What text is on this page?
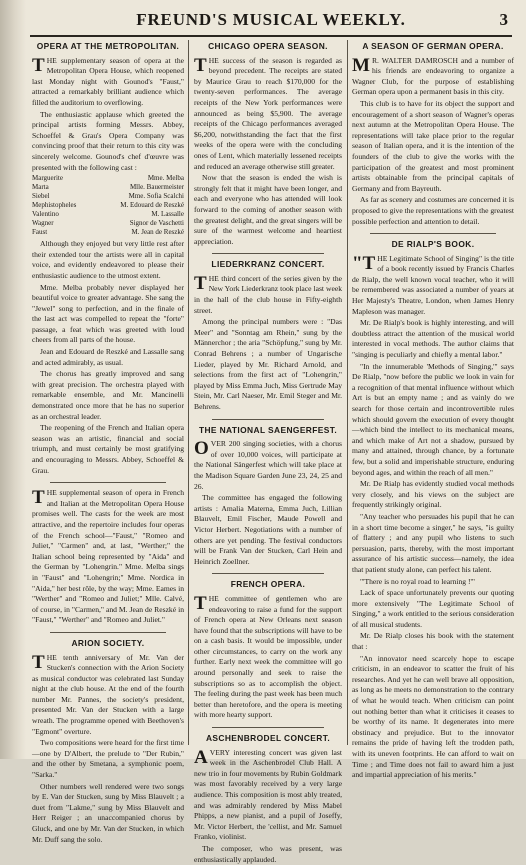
FREUND'S MUSICAL WEEKLY.	3
OPERA AT THE METROPOLITAN.

THE supplementary season of opera at the Metropolitan Opera House, which reopened last Monday night with Gounod's "Faust," attracted a remarkably brilliant audience which filled the auditorium to overflowing.

The enthusiastic applause which greeted the principal artists forming Messrs. Abbey, Schoeffel & Grau's Opera Company was convincing proof that their return to this city was sincerely welcome. Gounod's chef d'œuvre was presented with the following cast :

Marguerite	Mme. Melba
Marta	Mlle. Bauermeister
Siebel	Mme. Sofia Scalchi
Mephistopheles	M. Edouard de Reszké
Valentino	M. Lassalle
Wagner	Signor de Vaschetti
Faust	M. Jean de Reszké

Although they enjoyed but very little rest after their extended tour the artists were all in capital voice, and evidently endeavored to please their enthusiastic audience to the utmost extent.

Mme. Melba probably never displayed her beautiful voice to greater advantage. She sang the "Jewel" song to perfection, and in the finale of the last act was compelled to repeat the "forte" passage, a feat which was greeted with loud cheers from all parts of the house.

Jean and Edouard de Reszké and Lassalle sang and acted admirably, as usual.

The chorus has greatly improved and sang with great precision. The orchestra played with remarkable ensemble, and Mr. Mancinelli demonstrated once more that he has no superior as an orchestral leader.

The reopening of the French and Italian opera season was an artistic, financial and social triumph, and must certainly be most gratifying and encouraging to Messrs. Abbey, Schoeffel & Grau.

THE supplemental season of opera in French and Italian at the Metropolitan Opera House promises well. The casts for the week are most attractive, and the repertoire includes four operas of the French school—"Faust," "Romeo and Juliet," "Carmen" and, at last, "Werther;" the Italian school being represented by "Aida" and the German by "Lohengrin." Mme. Melba sings in "Faust" and "Lohengrin;" Mme. Nordica in "Aida," her best rôle, by the way; Mme. Eames in "Werther" and "Romeo and Juliet;" Mlle. Calvé, of course, in "Carmen," and M. Jean de Reszké in "Faust," "Werther" and "Romeo and Juliet."

ARION SOCIETY.

THE tenth anniversary of Mr. Van der Stucken's connection with the Arion Society as musical conductor was celebrated last Sunday night at the club house. At the end of the fourth number Mr. Pannes, the society's president, presented Mr. Van der Stucken with a large wreath. The programme opened with Beethoven's "Egmont" overture.

Two compositions were heard for the first time—one by D'Albert, the prelude to "Der Rubin," and the other by Smetana, a symphonic poem, "Sarka."

Other numbers well rendered were two songs by E. Van der Stucken, sung by Miss Blauvelt ; a duet from "Lakme," sung by Miss Blauvelt and Herr Reiger ; an unaccompanied chorus by Gluck, and one by Mr. Van der Stucken, in which Mr. Duff sang the solo.

CHICAGO OPERA SEASON.

THE success of the season is regarded as beyond precedent. The receipts are stated by Maurice Grau to reach $170,000 for the twenty-seven performances. The average receipts of the New York performances were announced as being $5,900. The average receipts of the Chicago performances averaged $6,200, notwithstanding the fact that the first weeks of the opera were with the concluding ones of Lent, which materially lessened receipts and reduced an average otherwise still greater.

Now that the season is ended the wish is strongly felt that it might have been longer, and each and everyone who has attended will look forward to the coming of another season with the greatest delight, and the great singers will be sure of the warmest welcome and heartiest appreciation.

LIEDERKRANZ CONCERT.

THE third concert of the series given by the New York Liederkranz took place last week in the hall of the club house in Fifty-eighth street.

Among the principal numbers were : "Das Meer" and "Sonntag am Rhein," sung by the Männerchor ; the aria "Schöpfung," sung by Mr. Conrad Behrens ; a number of Ungarische Lieder, played by Mr. Richard Arnold, and selections from the first act of "Lohengrin," played by Miss Emma Juch, Miss Gertrude May Stein, Mr. Carl Naeser, Mr. Emil Steger and Mr. Behrens.

THE NATIONAL SAENGERFEST.

OVER 200 singing societies, with a chorus of over 10,000 voices, will participate at the National Sängerfest which will take place at the Madison Square Garden June 23, 24, 25 and 26.

The committee has engaged the following artists : Amalia Materna, Emma Juch, Lillian Blauvelt, Emil Fischer, Maude Powell and Victor Herbert. Negotiations with a number of others are yet pending. The festival conductors will be Frank Van der Stucken, Carl Hein and Heinrich Zoellner.

FRENCH OPERA.

THE committee of gentlemen who are endeavoring to raise a fund for the support of French opera at New Orleans next season have found that the subscriptions will have to be on a cash basis. It would be impossible, under other circumstances, to carry on the work any further. Early next week the committee will go around personally and seek to raise the subscriptions so as to accomplish the object. The feeling during the past week has been much better than heretofore, and the opera is meeting with more hearty support.

ASCHENBRODEL CONCERT.

A VERY interesting concert was given last week in the Aschenbrodel Club Hall. A new trio in four movements by Rubin Goldmark was most favorably received by a very large audience. This composition is most ably treated, and was admirably rendered by Miss Mabel Phipps, a new pianist, and a pupil of Joseffy, Mr. Victor Herbert, the 'cellist, and Mr. Samuel Franko, violinist.

The composer, who was present, was enthusiastically applauded.

A SEASON OF GERMAN OPERA.

M R. WALTER DAMROSCH and a number of his friends are endeavoring to organize a Wagner Club, for the purpose of establishing German opera upon a permanent basis in this city.

This club is to have for its object the support and encouragement of a short season of Wagner's operas next autumn at the Metropolitan Opera House. The representations will take place prior to the regular season of Italian opera, and it is the intention of the founders of the club to give the works with the participation of the greatest and most prominent artists obtainable from the principal capitals of Germany and from Bayreuth.

As far as scenery and costumes are concerned it is proposed to give the representations with the greatest possible perfection and attention to detail.

DE RIALP'S BOOK.

"THE Legitimate School of Singing" is the title of a book recently issued by Francis Charles de Rialp, the well known vocal teacher, who it will be remembered was associated a number of years at Her Majesty's Theatre, London, when James Henry Mapleson was manager.

Mr. De Rialp's book is highly interesting, and will doubtless attract the attention of the musical world interested in vocal methods. The author claims that "singing is peculiarly and chiefly a mental labor."

"In the innumerable 'Methods of Singing,'" says De Rialp, "now before the public we look in vain for a recognition of that mental influence without which Art is but an empty name ; and as vainly do we search for those certain and incontrovertible rules which should govern the execution of every thought—which bind the intellect to its mechanical means, and which make of Art not a shadow, pursued by many and attained, through chance, by a fortunate few, but a solid and imperishable structure, enduring beyond ages, and within the reach of all men."

Mr. De Rialp has evidently studied vocal methods very closely, and his views on the subject are frequently strikingly original.

"Any teacher who persuades his pupil that he can in a short time become a singer," he says, "is guilty of flattery ; and any pupil who listens to such persuasion, parts, thereby, with the most important assurance of his artistic success—namely, the idea that patient study alone, can perfect his talent.

"'There is no royal road to learning !'"

Lack of space unfortunately prevents our quoting more extensively "The Legitimate School of Singing," a work entitled to the serious consideration of all musical students.

Mr. De Rialp closes his book with the statement that :

"An innovator need scarcely hope to escape criticism, in an endeavor to scatter the fruit of his researches. And yet he can well brave all opposition, as long as he meets no demonstration to the contrary of what he would teach. When criticism can point out nothing better than what it criticises it ceases to be worthy of its name. It degenerates into mere obstinacy and prejudice. But to the innovator remains the pride of having left the trodden path, with its uneven footprints. He can afford to wait on Time ; and Time does not fail to award him a just and impartial appreciation of his merits."
